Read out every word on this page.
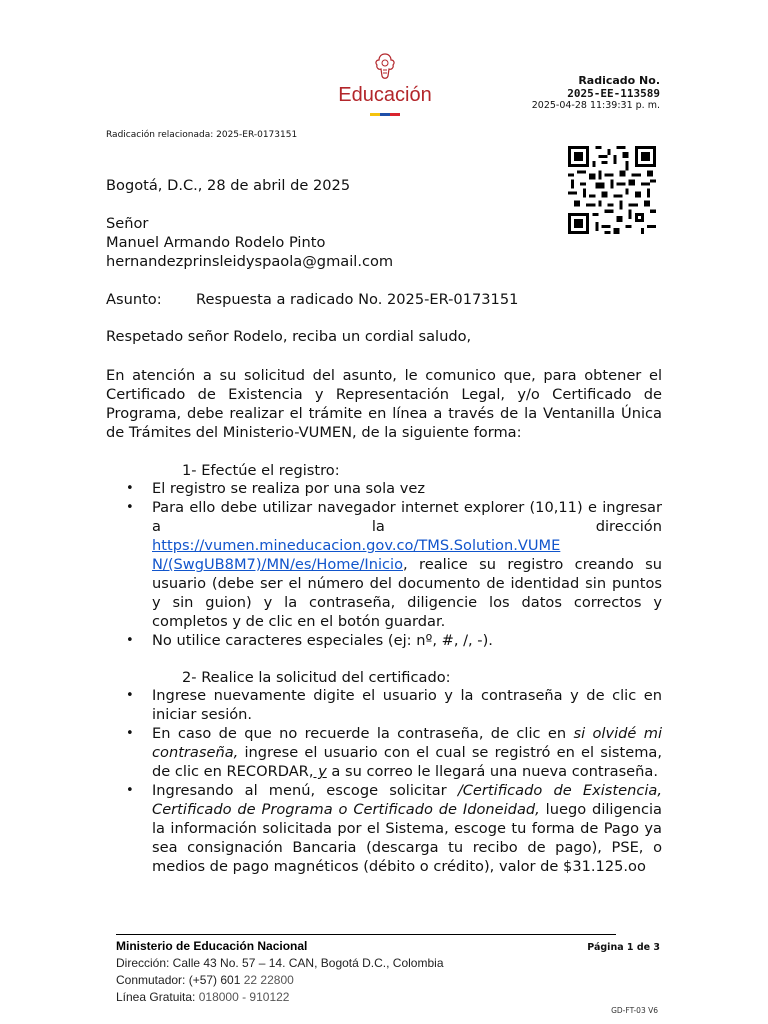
Educación
Radicado No.
2025-EE-113589
2025-04-28 11:39:31 p. m.
Radicación relacionada: 2025-ER-0173151
Bogotá, D.C., 28 de abril de 2025
Señor
Manuel Armando Rodelo Pinto
hernandezprinsleidyspaola@gmail.com
Asunto: Respuesta a radicado No. 2025-ER-0173151
Respetado señor Rodelo, reciba un cordial saludo,
En atención a su solicitud del asunto, le comunico que, para obtener el Certificado de Existencia y Representación Legal, y/o Certificado de Programa, debe realizar el trámite en línea a través de la Ventanilla Única de Trámites del Ministerio-VUMEN, de la siguiente forma:
1- Efectúe el registro:
• El registro se realiza por una sola vez
• Para ello debe utilizar navegador internet explorer (10,11) e ingresar a la dirección https://vumen.mineducacion.gov.co/TMS.Solution.VUME
N/(SwgUB8M7)/MN/es/Home/Inicio, realice su registro creando su usuario (debe ser el número del documento de identidad sin puntos y sin guion) y la contraseña, diligencie los datos correctos y completos y de clic en el botón guardar.
• No utilice caracteres especiales (ej: nº, #, /, -).
2- Realice la solicitud del certificado:
• Ingrese nuevamente digite el usuario y la contraseña y de clic en iniciar sesión.
• En caso de que no recuerde la contraseña, de clic en si olvidé mi contraseña, ingrese el usuario con el cual se registró en el sistema, de clic en RECORDAR, y a su correo le llegará una nueva contraseña.
• Ingresando al menú, escoge solicitar /Certificado de Existencia, Certificado de Programa o Certificado de Idoneidad, luego diligencia la información solicitada por el Sistema, escoge tu forma de Pago ya sea consignación Bancaria (descarga tu recibo de pago), PSE, o medios de pago magnéticos (débito o crédito), valor de $31.125.oo
Ministerio de Educación Nacional
Dirección: Calle 43 No. 57 – 14. CAN, Bogotá D.C., Colombia
Conmutador: (+57) 601 22 22800
Línea Gratuita: 018000 - 910122
Página 1 de 3
GD-FT-03 V6
